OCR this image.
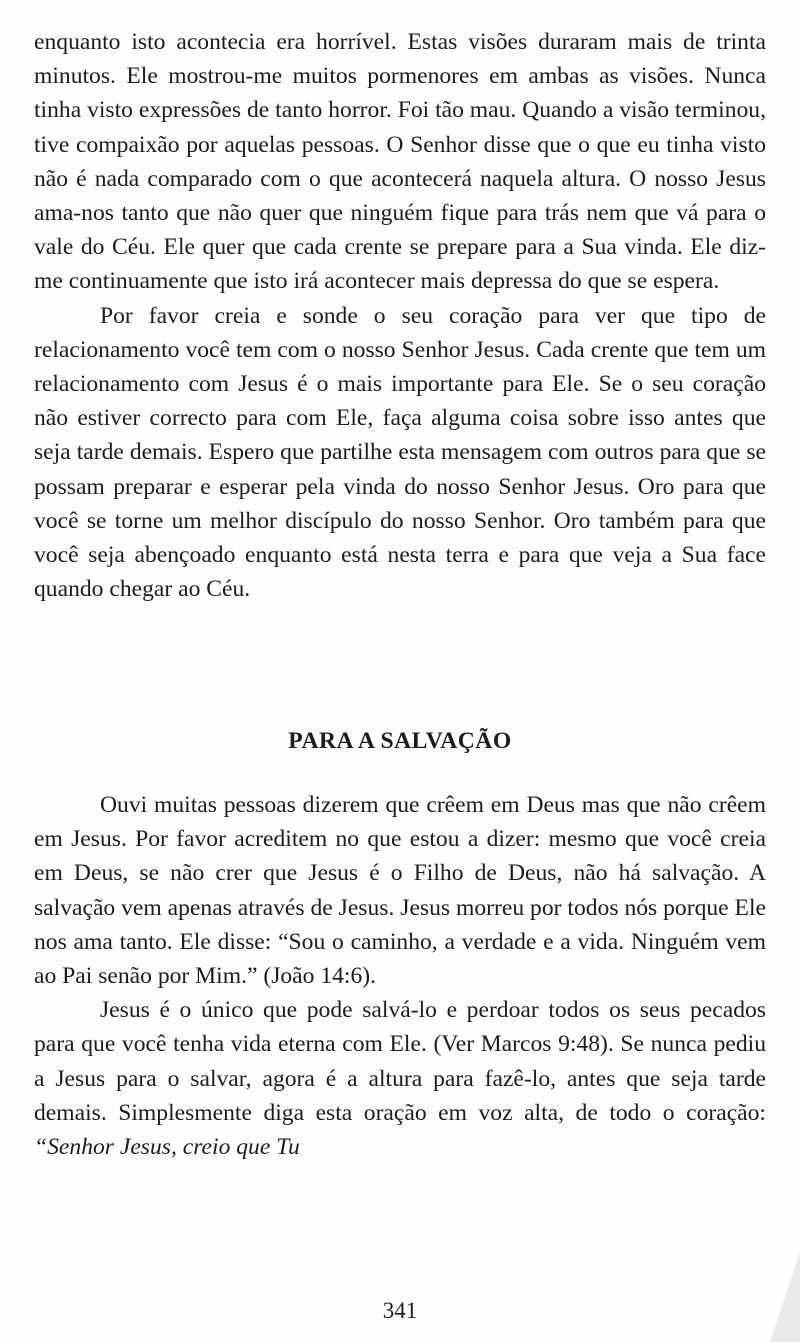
enquanto isto acontecia era horrível. Estas visões duraram mais de trinta minutos. Ele mostrou-me muitos pormenores em ambas as visões. Nunca tinha visto expressões de tanto horror. Foi tão mau. Quando a visão terminou, tive compaixão por aquelas pessoas. O Senhor disse que o que eu tinha visto não é nada comparado com o que acontecerá naquela altura. O nosso Jesus ama-nos tanto que não quer que ninguém fique para trás nem que vá para o vale do Céu. Ele quer que cada crente se prepare para a Sua vinda. Ele diz-me continuamente que isto irá acontecer mais depressa do que se espera.

Por favor creia e sonde o seu coração para ver que tipo de relacionamento você tem com o nosso Senhor Jesus. Cada crente que tem um relacionamento com Jesus é o mais importante para Ele. Se o seu coração não estiver correcto para com Ele, faça alguma coisa sobre isso antes que seja tarde demais. Espero que partilhe esta mensagem com outros para que se possam preparar e esperar pela vinda do nosso Senhor Jesus. Oro para que você se torne um melhor discípulo do nosso Senhor. Oro também para que você seja abençoado enquanto está nesta terra e para que veja a Sua face quando chegar ao Céu.

PARA A SALVAÇÃO

Ouvi muitas pessoas dizerem que crêem em Deus mas que não crêem em Jesus. Por favor acreditem no que estou a dizer: mesmo que você creia em Deus, se não crer que Jesus é o Filho de Deus, não há salvação. A salvação vem apenas através de Jesus. Jesus morreu por todos nós porque Ele nos ama tanto. Ele disse: “Sou o caminho, a verdade e a vida. Ninguém vem ao Pai senão por Mim.” (João 14:6).

Jesus é o único que pode salvá-lo e perdoar todos os seus pecados para que você tenha vida eterna com Ele. (Ver Marcos 9:48). Se nunca pediu a Jesus para o salvar, agora é a altura para fazê-lo, antes que seja tarde demais. Simplesmente diga esta oração em voz alta, de todo o coração: “Senhor Jesus, creio que Tu

341
